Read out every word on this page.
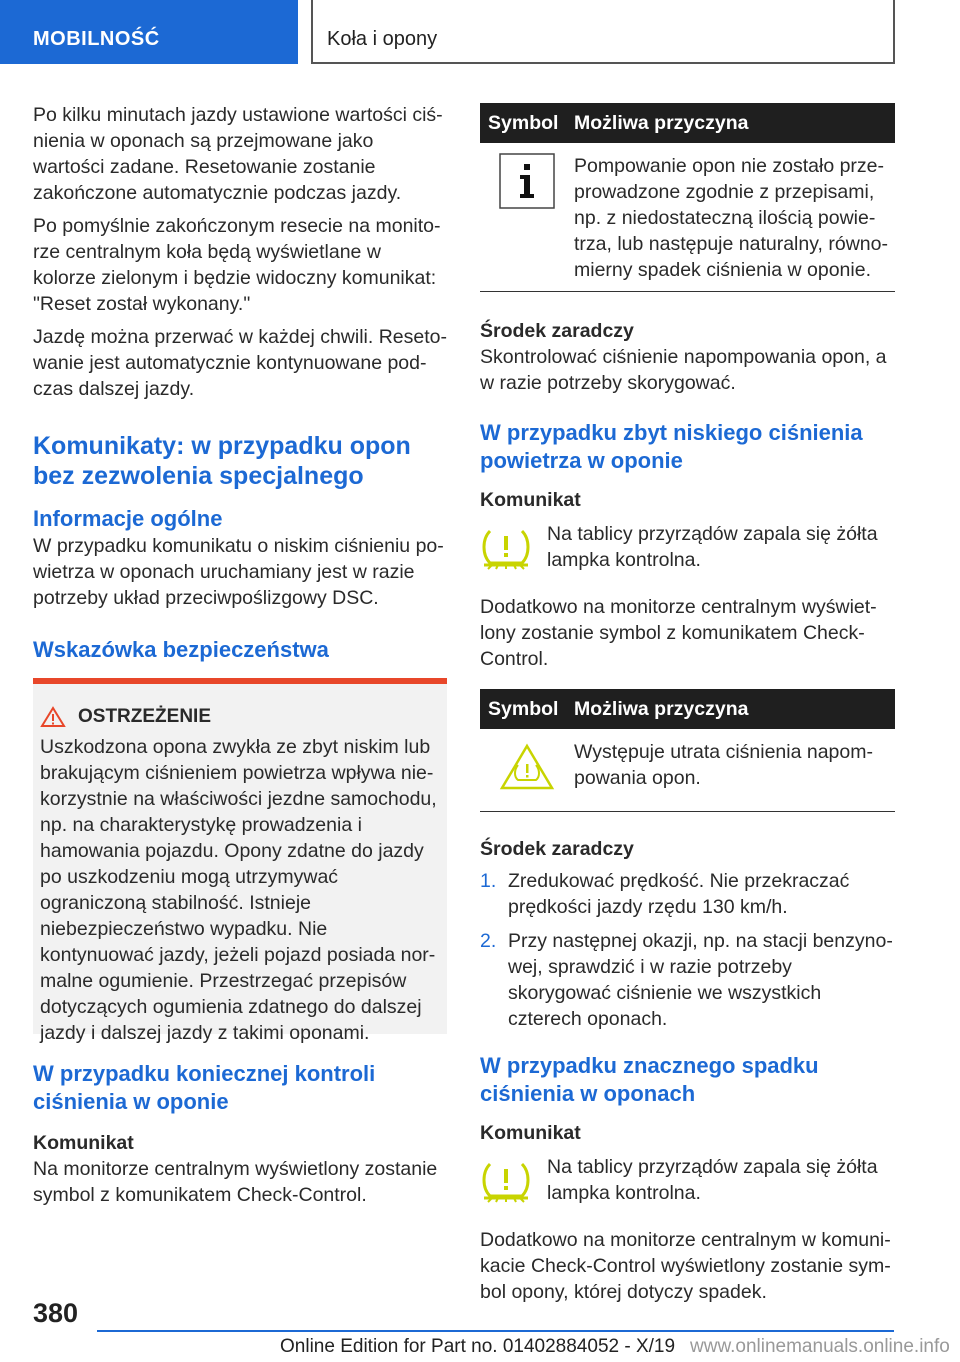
MOBILNOŚĆ	Koła i opony

Po kilku minutach jazdy ustawione wartości ciśnienia w oponach są przejmowane jako wartości zadane. Resetowanie zostanie zakończone automatycznie podczas jazdy.

Po pomyślnie zakończonym resecie na monitorze centralnym koła będą wyświetlane w kolorze zielonym i będzie widoczny komunikat: "Reset został wykonany."

Jazdę można przerwać w każdej chwili. Resetowanie jest automatycznie kontynuowane podczas dalszej jazdy.

Komunikaty: w przypadku opon bez zezwolenia specjalnego
Informacje ogólne

W przypadku komunikatu o niskim ciśnieniu powietrza w oponach uruchamiany jest w razie potrzeby układ przeciwpoślizgowy DSC.

Wskazówka bezpieczeństwa
OSTRZEŻENIE
Uszkodzona opona zwykła ze zbyt niskim lub brakującym ciśnieniem powietrza wpływa niekorzystnie na właściwości jezdne samochodu, np. na charakterystykę prowadzenia i hamowania pojazdu. Opony zdatne do jazdy po uszkodzeniu mogą utrzymywać ograniczoną stabilność. Istnieje niebezpieczeństwo wypadku. Nie kontynuować jazdy, jeżeli pojazd posiada normalne ogumienie. Przestrzegać przepisów dotyczących ogumienia zdatnego do dalszej jazdy i dalszej jazdy z takimi oponami.
W przypadku koniecznej kontroli ciśnienia w oponie
Komunikat

Na monitorze centralnym wyświetlony zostanie symbol z komunikatem Check-Control.

Symbol Możliwa przyczyna
Pompowanie opon nie zostało przeprowadzone zgodnie z przepisami, np. z niedostateczną ilością powietrza, lub następuje naturalny, równomierny spadek ciśnienia w oponie.
Środek zaradczy

Skontrolować ciśnienie napompowania opon, a w razie potrzeby skorygować.

W przypadku zbyt niskiego ciśnienia powietrza w oponie
Komunikat
Na tablicy przyrządów zapala się żółta lampka kontrolna.

Dodatkowo na monitorze centralnym wyświetlony zostanie symbol z komunikatem Check-Control.

Symbol Możliwa przyczyna
Występuje utrata ciśnienia napompowania opon.
Środek zaradczy
1. Zredukować prędkość. Nie przekraczać prędkości jazdy rzędu 130 km/h.
2. Przy następnej okazji, np. na stacji benzynowej, sprawdzić i w razie potrzeby skorygować ciśnienie we wszystkich czterech oponach.
W przypadku znacznego spadku ciśnienia w oponach
Komunikat
Na tablicy przyrządów zapala się żółta lampka kontrolna.

Dodatkowo na monitorze centralnym w komunikacie Check-Control wyświetlony zostanie symbol opony, której dotyczy spadek.

380
Online Edition for Part no. 01402884052 - X/19 www.onlinemanuals.online.info
